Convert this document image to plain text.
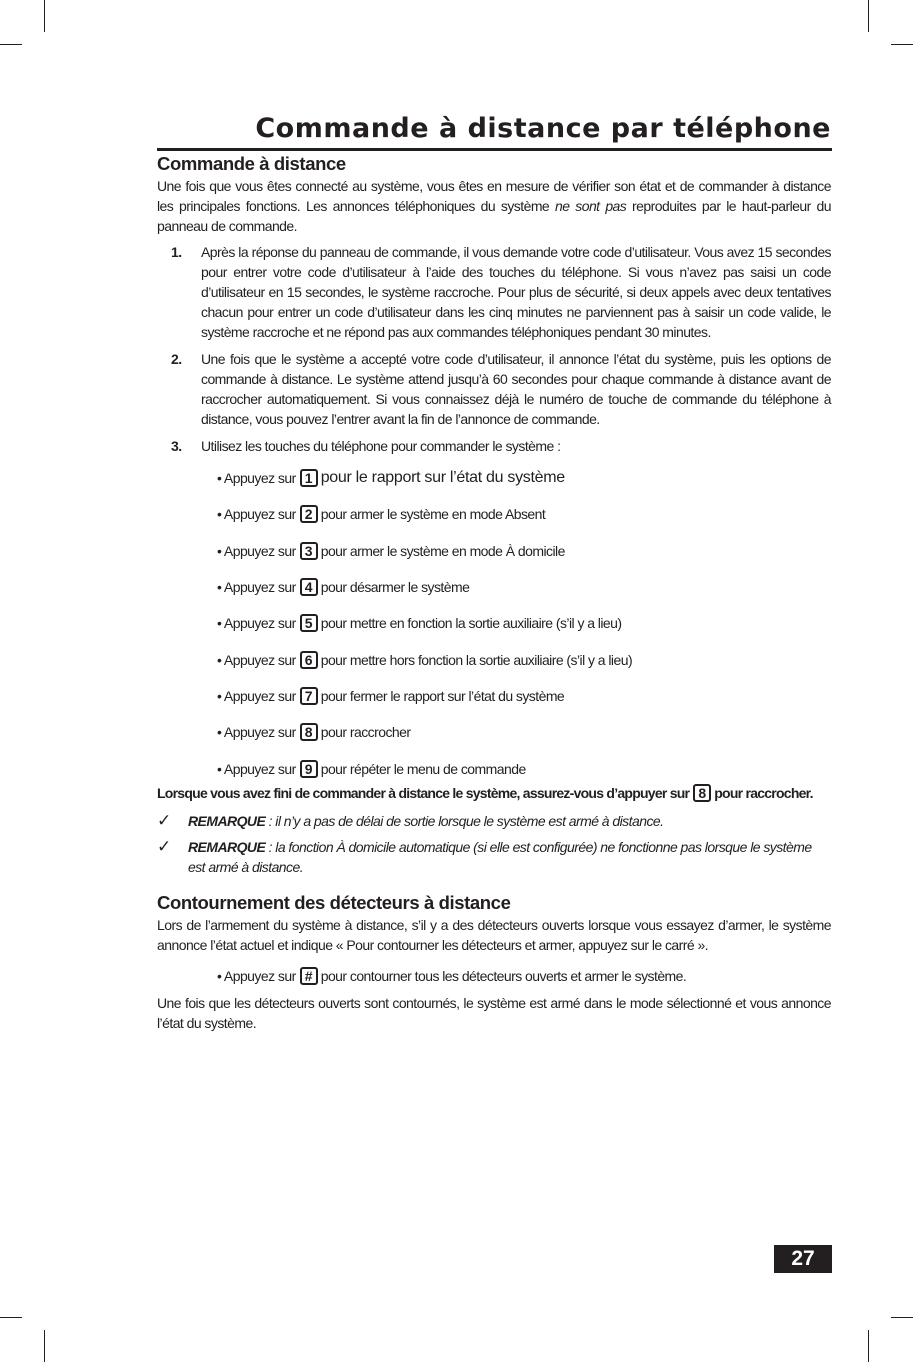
Commande à distance par téléphone
Commande à distance

Une fois que vous êtes connecté au système, vous êtes en mesure de vérifier son état et de commander à distance les principales fonctions. Les annonces téléphoniques du système ne sont pas reproduites par le haut-parleur du panneau de commande.

1.	Après la réponse du panneau de commande, il vous demande votre code d’utilisateur. Vous avez 15 secondes pour entrer votre code d’utilisateur à l’aide des touches du téléphone. Si vous n’avez pas saisi un code d’utilisateur en 15 secondes, le système raccroche. Pour plus de sécurité, si deux appels avec deux tentatives chacun pour entrer un code d’utilisateur dans les cinq minutes ne parviennent pas à saisir un code valide, le système raccroche et ne répond pas aux commandes téléphoniques pendant 30 minutes.

2.	Une fois que le système a accepté votre code d’utilisateur, il annonce l’état du système, puis les options de commande à distance. Le système attend jusqu’à 60 secondes pour chaque commande à distance avant de raccrocher automatiquement. Si vous connaissez déjà le numéro de touche de commande du téléphone à distance, vous pouvez l’entrer avant la fin de l’annonce de commande.

3.	Utilisez les touches du téléphone pour commander le système :

• Appuyez sur 1 pour le rapport sur l’état du système
• Appuyez sur 2 pour armer le système en mode Absent
• Appuyez sur 3 pour armer le système en mode À domicile
• Appuyez sur 4 pour désarmer le système
• Appuyez sur 5 pour mettre en fonction la sortie auxiliaire (s’il y a lieu)
• Appuyez sur 6 pour mettre hors fonction la sortie auxiliaire (s’il y a lieu)
• Appuyez sur 7 pour fermer le rapport sur l’état du système
• Appuyez sur 8 pour raccrocher
• Appuyez sur 9 pour répéter le menu de commande
Lorsque vous avez fini de commander à distance le système, assurez-vous d’appuyer sur 8 pour raccrocher.
✓	REMARQUE : il n’y a pas de délai de sortie lorsque le système est armé à distance.
✓	REMARQUE : la fonction À domicile automatique (si elle est configurée) ne fonctionne pas lorsque le système est armé à distance.
Contournement des détecteurs à distance

Lors de l’armement du système à distance, s’il y a des détecteurs ouverts lorsque vous essayez d’armer, le système annonce l’état actuel et indique « Pour contourner les détecteurs et armer, appuyez sur le carré ».

• Appuyez sur # pour contourner tous les détecteurs ouverts et armer le système.

Une fois que les détecteurs ouverts sont contournés, le système est armé dans le mode sélectionné et vous annonce l’état du système.

27
